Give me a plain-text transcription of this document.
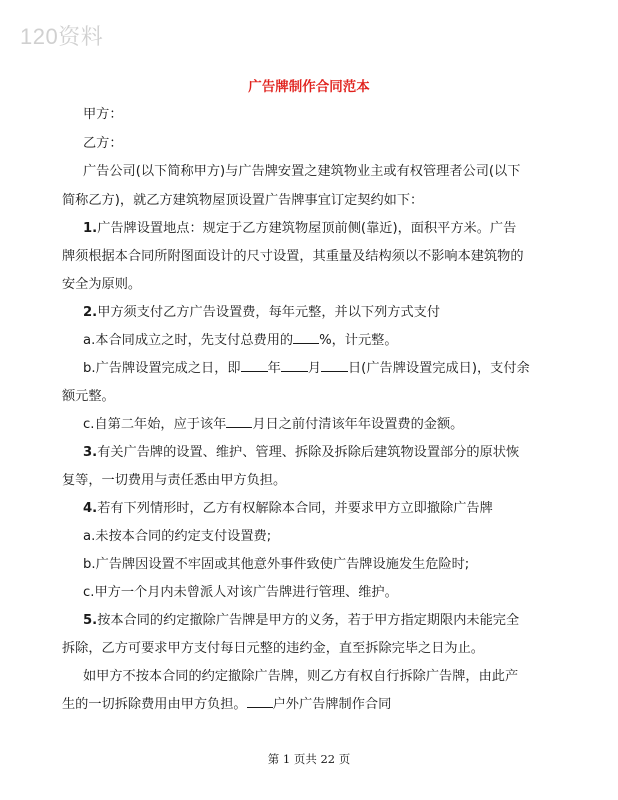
120资料
广告牌制作合同范本
甲方：
乙方：
广告公司(以下简称甲方)与广告牌安置之建筑物业主或有权管理者公司(以下
简称乙方)，就乙方建筑物屋顶设置广告牌事宜订定契约如下：
1.广告牌设置地点：规定于乙方建筑物屋顶前侧(靠近)，面积平方米。广告
牌须根据本合同所附图面设计的尺寸设置，其重量及结构须以不影响本建筑物的
安全为原则。
2.甲方须支付乙方广告设置费，每年元整，并以下列方式支付
a.本合同成立之时，先支付总费用的 %，计元整。
b.广告牌设置完成之日，即 年 月 日(广告牌设置完成日)，支付余
额元整。
c.自第二年始，应于该年 月日之前付清该年年设置费的金额。
3.有关广告牌的设置、维护、管理、拆除及拆除后建筑物设置部分的原状恢
复等，一切费用与责任悉由甲方负担。
4.若有下列情形时，乙方有权解除本合同，并要求甲方立即撤除广告牌
a.未按本合同的约定支付设置费;
b.广告牌因设置不牢固或其他意外事件致使广告牌设施发生危险时;
c.甲方一个月内未曾派人对该广告牌进行管理、维护。
5.按本合同的约定撤除广告牌是甲方的义务，若于甲方指定期限内未能完全
拆除，乙方可要求甲方支付每日元整的违约金，直至拆除完毕之日为止。
如甲方不按本合同的约定撤除广告牌，则乙方有权自行拆除广告牌，由此产
生的一切拆除费用由甲方负担。 户外广告牌制作合同
第 1 页共 22 页
